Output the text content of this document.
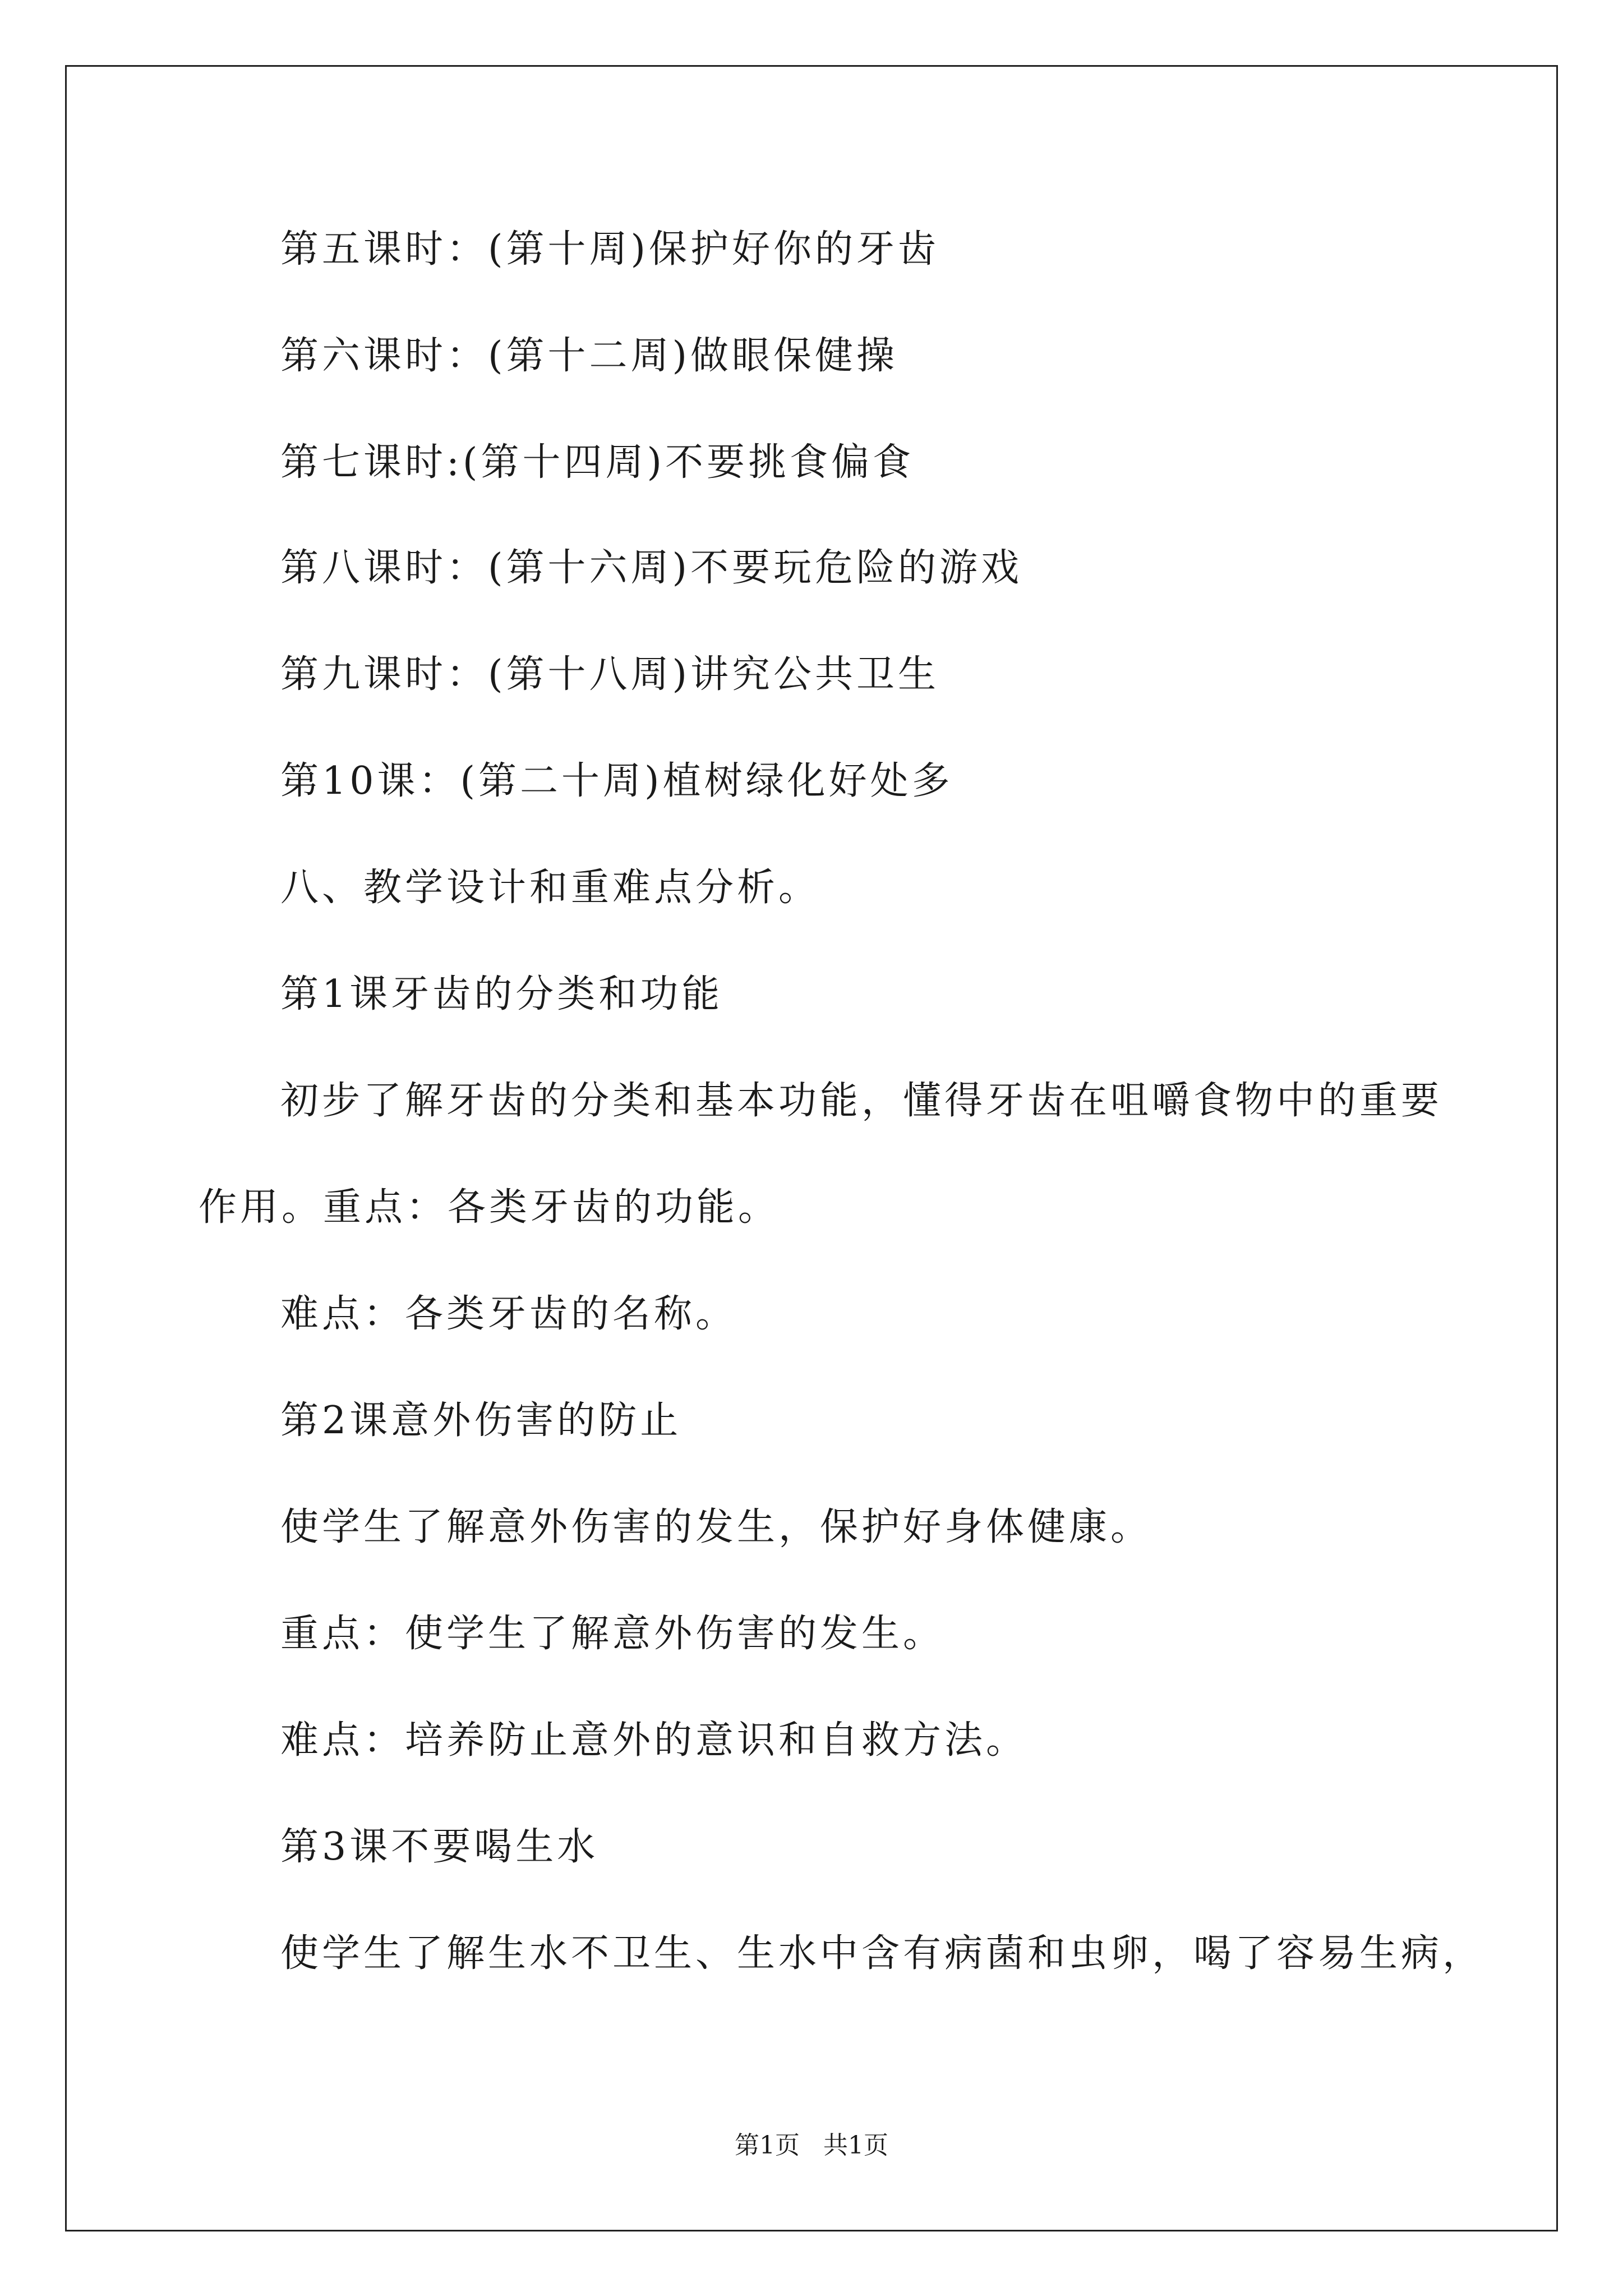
第五课时：(第十周)保护好你的牙齿
第六课时：(第十二周)做眼保健操
第七课时:(第十四周)不要挑食偏食
第八课时：(第十六周)不要玩危险的游戏
第九课时：(第十八周)讲究公共卫生
第10课：(第二十周)植树绿化好处多
八、教学设计和重难点分析。
第1课牙齿的分类和功能
初步了解牙齿的分类和基本功能，懂得牙齿在咀嚼食物中的重要
作用。重点：各类牙齿的功能。
难点：各类牙齿的名称。
第2课意外伤害的防止
使学生了解意外伤害的发生，保护好身体健康。
重点：使学生了解意外伤害的发生。
难点：培养防止意外的意识和自救方法。
第3课不要喝生水
使学生了解生水不卫生、生水中含有病菌和虫卵，喝了容易生病，
第1页   共1页
